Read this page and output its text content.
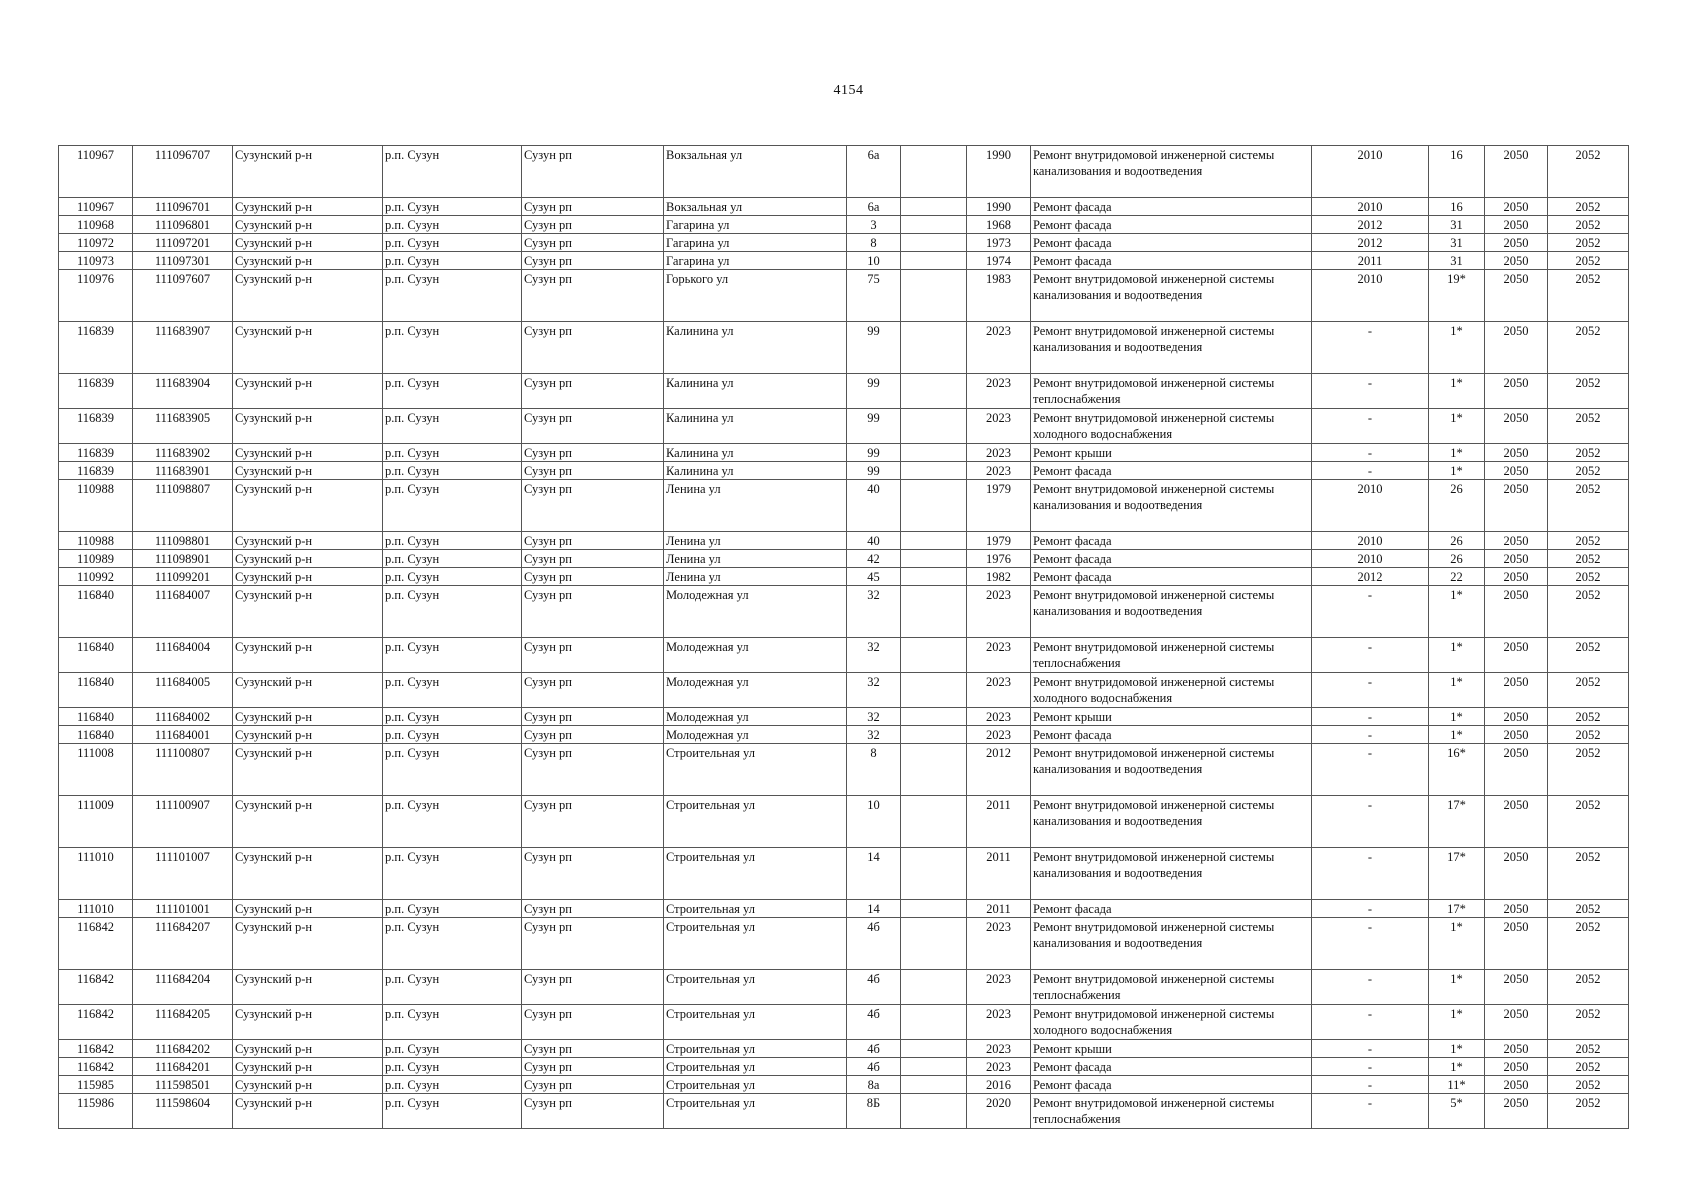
4154
110967	111096707	Сузунский р-н	р.п. Сузун	Сузун рп	Вокзальная ул	6а		1990	Ремонт внутридомовой инженерной системы канализования и водоотведения	2010	16	2050	2052
110967	111096701	Сузунский р-н	р.п. Сузун	Сузун рп	Вокзальная ул	6а		1990	Ремонт фасада	2010	16	2050	2052
110968	111096801	Сузунский р-н	р.п. Сузун	Сузун рп	Гагарина ул	3		1968	Ремонт фасада	2012	31	2050	2052
110972	111097201	Сузунский р-н	р.п. Сузун	Сузун рп	Гагарина ул	8		1973	Ремонт фасада	2012	31	2050	2052
110973	111097301	Сузунский р-н	р.п. Сузун	Сузун рп	Гагарина ул	10		1974	Ремонт фасада	2011	31	2050	2052
110976	111097607	Сузунский р-н	р.п. Сузун	Сузун рп	Горького ул	75		1983	Ремонт внутридомовой инженерной системы канализования и водоотведения	2010	19*	2050	2052
116839	111683907	Сузунский р-н	р.п. Сузун	Сузун рп	Калинина ул	99		2023	Ремонт внутридомовой инженерной системы канализования и водоотведения	-	1*	2050	2052
116839	111683904	Сузунский р-н	р.п. Сузун	Сузун рп	Калинина ул	99		2023	Ремонт внутридомовой инженерной системы теплоснабжения	-	1*	2050	2052
116839	111683905	Сузунский р-н	р.п. Сузун	Сузун рп	Калинина ул	99		2023	Ремонт внутридомовой инженерной системы холодного водоснабжения	-	1*	2050	2052
116839	111683902	Сузунский р-н	р.п. Сузун	Сузун рп	Калинина ул	99		2023	Ремонт крыши	-	1*	2050	2052
116839	111683901	Сузунский р-н	р.п. Сузун	Сузун рп	Калинина ул	99		2023	Ремонт фасада	-	1*	2050	2052
110988	111098807	Сузунский р-н	р.п. Сузун	Сузун рп	Ленина ул	40		1979	Ремонт внутридомовой инженерной системы канализования и водоотведения	2010	26	2050	2052
110988	111098801	Сузунский р-н	р.п. Сузун	Сузун рп	Ленина ул	40		1979	Ремонт фасада	2010	26	2050	2052
110989	111098901	Сузунский р-н	р.п. Сузун	Сузун рп	Ленина ул	42		1976	Ремонт фасада	2010	26	2050	2052
110992	111099201	Сузунский р-н	р.п. Сузун	Сузун рп	Ленина ул	45		1982	Ремонт фасада	2012	22	2050	2052
116840	111684007	Сузунский р-н	р.п. Сузун	Сузун рп	Молодежная ул	32		2023	Ремонт внутридомовой инженерной системы канализования и водоотведения	-	1*	2050	2052
116840	111684004	Сузунский р-н	р.п. Сузун	Сузун рп	Молодежная ул	32		2023	Ремонт внутридомовой инженерной системы теплоснабжения	-	1*	2050	2052
116840	111684005	Сузунский р-н	р.п. Сузун	Сузун рп	Молодежная ул	32		2023	Ремонт внутридомовой инженерной системы холодного водоснабжения	-	1*	2050	2052
116840	111684002	Сузунский р-н	р.п. Сузун	Сузун рп	Молодежная ул	32		2023	Ремонт крыши	-	1*	2050	2052
116840	111684001	Сузунский р-н	р.п. Сузун	Сузун рп	Молодежная ул	32		2023	Ремонт фасада	-	1*	2050	2052
111008	111100807	Сузунский р-н	р.п. Сузун	Сузун рп	Строительная ул	8		2012	Ремонт внутридомовой инженерной системы канализования и водоотведения	-	16*	2050	2052
111009	111100907	Сузунский р-н	р.п. Сузун	Сузун рп	Строительная ул	10		2011	Ремонт внутридомовой инженерной системы канализования и водоотведения	-	17*	2050	2052
111010	111101007	Сузунский р-н	р.п. Сузун	Сузун рп	Строительная ул	14		2011	Ремонт внутридомовой инженерной системы канализования и водоотведения	-	17*	2050	2052
111010	111101001	Сузунский р-н	р.п. Сузун	Сузун рп	Строительная ул	14		2011	Ремонт фасада	-	17*	2050	2052
116842	111684207	Сузунский р-н	р.п. Сузун	Сузун рп	Строительная ул	4б		2023	Ремонт внутридомовой инженерной системы канализования и водоотведения	-	1*	2050	2052
116842	111684204	Сузунский р-н	р.п. Сузун	Сузун рп	Строительная ул	4б		2023	Ремонт внутридомовой инженерной системы теплоснабжения	-	1*	2050	2052
116842	111684205	Сузунский р-н	р.п. Сузун	Сузун рп	Строительная ул	4б		2023	Ремонт внутридомовой инженерной системы холодного водоснабжения	-	1*	2050	2052
116842	111684202	Сузунский р-н	р.п. Сузун	Сузун рп	Строительная ул	4б		2023	Ремонт крыши	-	1*	2050	2052
116842	111684201	Сузунский р-н	р.п. Сузун	Сузун рп	Строительная ул	4б		2023	Ремонт фасада	-	1*	2050	2052
115985	111598501	Сузунский р-н	р.п. Сузун	Сузун рп	Строительная ул	8а		2016	Ремонт фасада	-	11*	2050	2052
115986	111598604	Сузунский р-н	р.п. Сузун	Сузун рп	Строительная ул	8Б		2020	Ремонт внутридомовой инженерной системы теплоснабжения	-	5*	2050	2052
